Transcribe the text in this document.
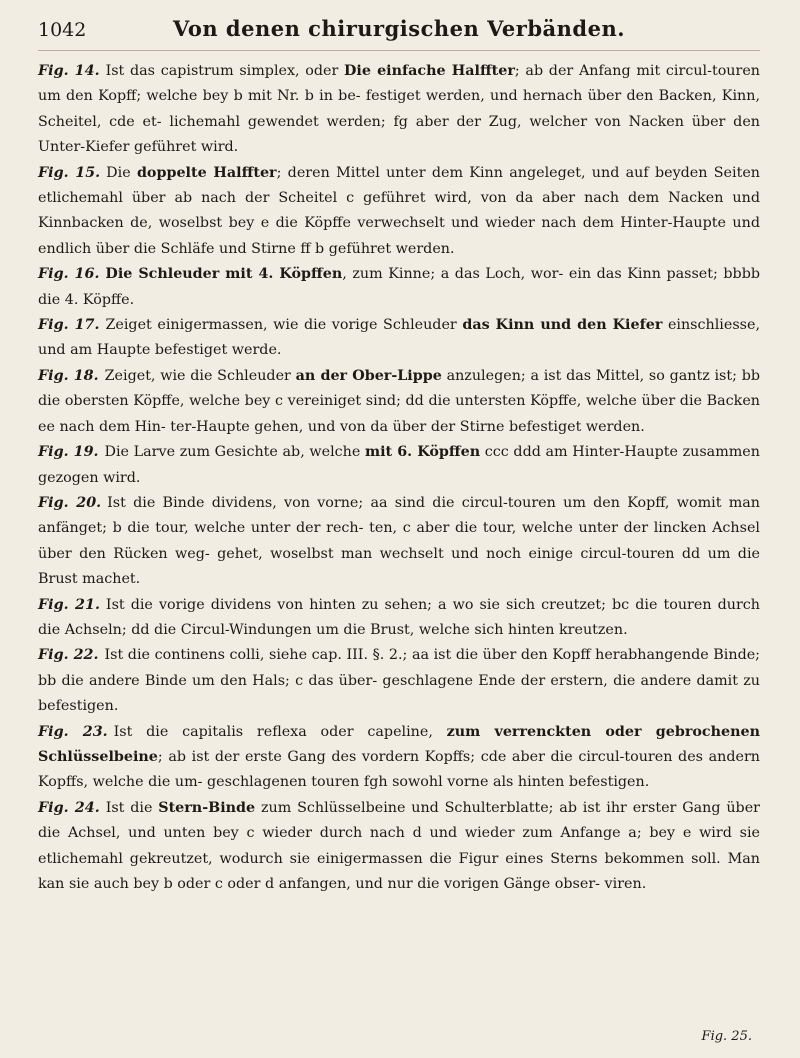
1042	Von denen chirurgischen Verbänden.

Fig. 14. Ist das capistrum simplex, oder Die einfache Halffter; ab der Anfang mit circul-touren um den Kopff; welche bey b mit Nr. b in be- festiget werden, und hernach über den Backen, Kinn, Scheitel, cde et- lichemahl gewendet werden; fg aber der Zug, welcher von Nacken über den Unter-Kiefer geführet wird.

Fig. 15. Die doppelte Halffter; deren Mittel unter dem Kinn angeleget, und auf beyden Seiten etlichemahl über ab nach der Scheitel c geführet wird, von da aber nach dem Nacken und Kinnbacken de, woselbst bey e die Köpffe verwechselt und wieder nach dem Hinter-Haupte und endlich über die Schläfe und Stirne ff b geführet werden.

Fig. 16. Die Schleuder mit 4. Köpffen, zum Kinne; a das Loch, wor- ein das Kinn passet; bbbb die 4. Köpffe.

Fig. 17. Zeiget einigermassen, wie die vorige Schleuder das Kinn und den Kiefer einschliesse, und am Haupte befestiget werde.

Fig. 18. Zeiget, wie die Schleuder an der Ober-Lippe anzulegen; a ist das Mittel, so gantz ist; bb die obersten Köpffe, welche bey c vereiniget sind; dd die untersten Köpffe, welche über die Backen ee nach dem Hin- ter-Haupte gehen, und von da über der Stirne befestiget werden.

Fig. 19. Die Larve zum Gesichte ab, welche mit 6. Köpffen ccc ddd am Hinter-Haupte zusammen gezogen wird.

Fig. 20. Ist die Binde dividens, von vorne; aa sind die circul-touren um den Kopff, womit man anfänget; b die tour, welche unter der rech- ten, c aber die tour, welche unter der lincken Achsel über den Rücken weg- gehet, woselbst man wechselt und noch einige circul-touren dd um die Brust machet.

Fig. 21. Ist die vorige dividens von hinten zu sehen; a wo sie sich creutzet; bc die touren durch die Achseln; dd die Circul-Windungen um die Brust, welche sich hinten kreutzen.

Fig. 22. Ist die continens colli, siehe cap. III. §. 2.; aa ist die über den Kopff herabhangende Binde; bb die andere Binde um den Hals; c das über- geschlagene Ende der erstern, die andere damit zu befestigen.

Fig. 23. Ist die capitalis reflexa oder capeline, zum verrenckten oder gebrochenen Schlüsselbeine; ab ist der erste Gang des vordern Kopffs; cde aber die circul-touren des andern Kopffs, welche die um- geschlagenen touren fgh sowohl vorne als hinten befestigen.

Fig. 24. Ist die Stern-Binde zum Schlüsselbeine und Schulterblatte; ab ist ihr erster Gang über die Achsel, und unten bey c wieder durch nach d und wieder zum Anfange a; bey e wird sie etlichemahl gekreutzet, wodurch sie einigermassen die Figur eines Sterns bekommen soll. Man kan sie auch bey b oder c oder d anfangen, und nur die vorigen Gänge obser- viren.

Fig. 25.
